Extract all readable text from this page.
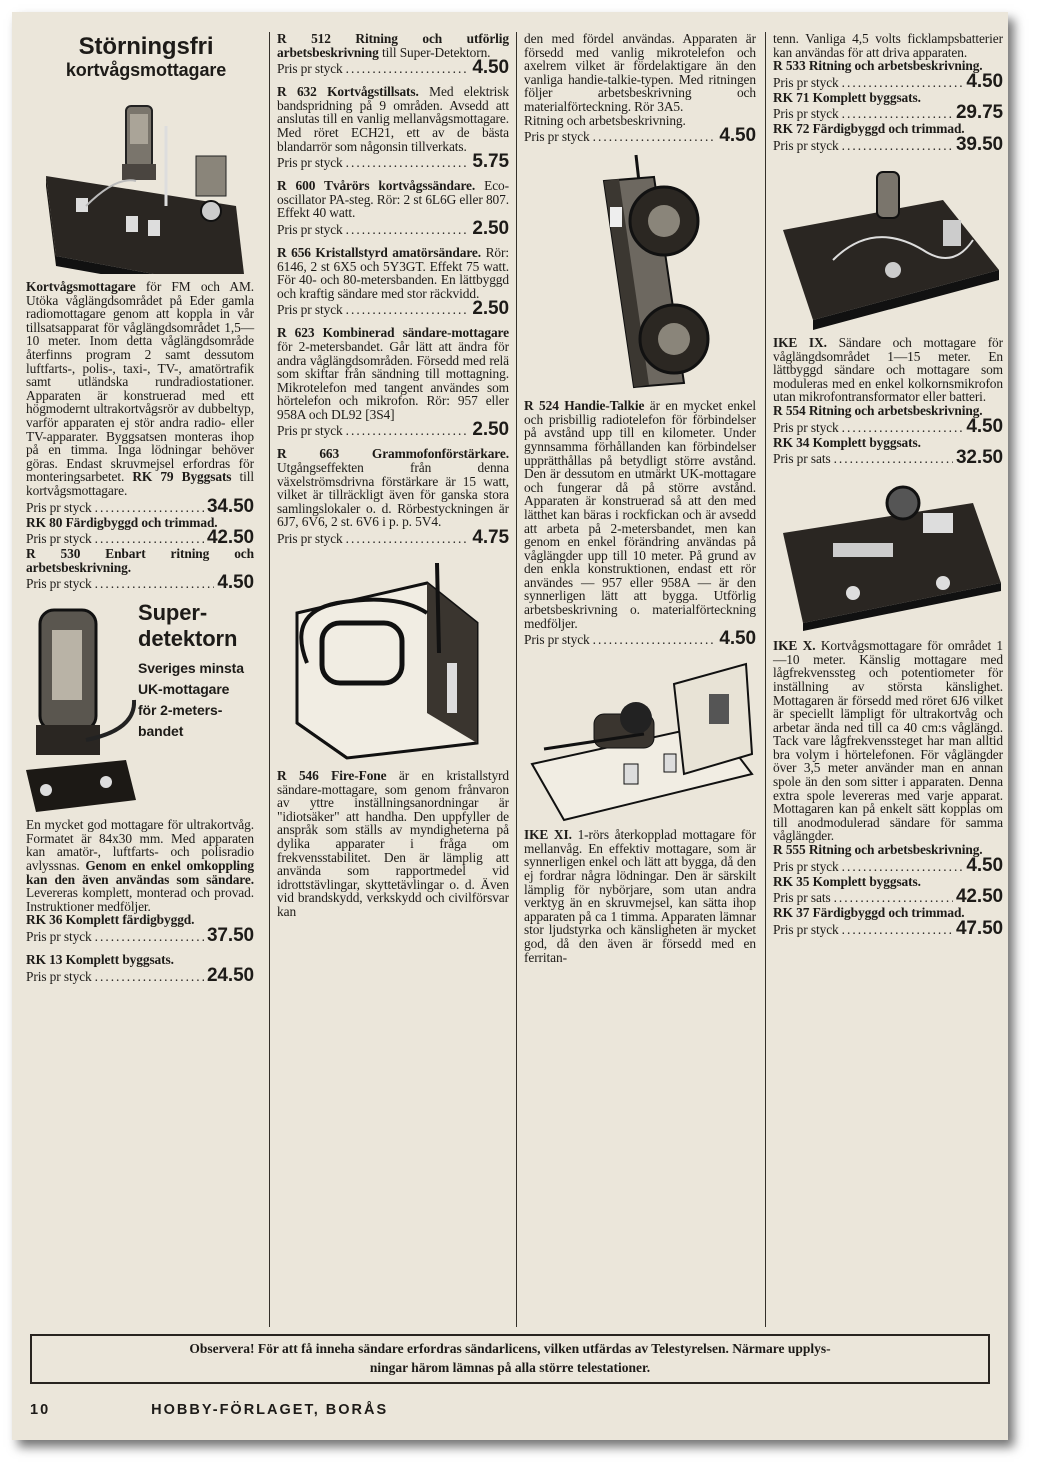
Störningsfri
kortvågsmottagare

Kortvågsmottagare för FM och AM. Utöka våglängdsområdet på Eder gamla radiomottagare genom att koppla in vår tillsatsapparat för våglängdsområdet 1,5—10 meter. Inom detta våglängdsområde återfinns program 2 samt dessutom luftfarts-, polis-, taxi-, TV-, amatörtrafik samt utländska rundradiostationer. Apparaten är konstruerad med ett högmodernt ultrakortvågsrör av dubbeltyp, varför apparaten ej stör andra radio- eller TV-apparater. Byggsatsen monteras ihop på en timma. Inga lödningar behöver göras. Endast skruvmejsel erfordras för monteringsarbetet. RK 79 Byggsats till kortvågsmottagare.

Pris pr styck .....	34.50

RK 80 Färdigbyggd och trimmad.

Pris pr styck .....	42.50

R 530 Enbart ritning och arbetsbeskrivning.

Pris pr styck .....	4.50
Super-
detektorn
Sveriges minsta
UK-mottagare
för 2-meters-
bandet

En mycket god mottagare för ultrakortvåg. Formatet är 84x30 mm. Med apparaten kan amatör-, luftfarts- och polisradio avlyssnas. Genom en enkel omkoppling kan den även användas som sändare. Levereras komplett, monterad och provad. Instruktioner medföljer.

RK 36 Komplett färdigbyggd.

Pris pr styck .....	37.50

RK 13 Komplett byggsats.

Pris pr styck .....	24.50

R 512 Ritning och utförlig arbetsbeskrivning till Super-Detektorn.

Pris pr styck .....	4.50

R 632 Kortvågstillsats. Med elektrisk bandspridning på 9 områden. Avsedd att anslutas till en vanlig mellanvågsmottagare. Med röret ECH21, ett av de bästa blandarrör som någonsin tillverkats.

Pris pr styck .....	5.75

R 600 Tvårörs kortvågssändare. Eco-oscillator PA-steg. Rör: 2 st 6L6G eller 807. Effekt 40 watt.

Pris pr styck .....	2.50

R 656 Kristallstyrd amatörsändare. Rör: 6146, 2 st 6X5 och 5Y3GT. Effekt 75 watt. För 40- och 80-metersbanden. En lättbyggd och kraftig sändare med stor räckvidd.

Pris pr styck .....	2.50

R 623 Kombinerad sändare-mottagare för 2-metersbandet. Går lätt att ändra för andra våglängdsområden. Försedd med relä som skiftar från sändning till mottagning. Mikrotelefon med tangent användes som hörtelefon och mikrofon. Rör: 957 eller 958A och DL92 [3S4]

Pris pr styck .....	2.50

R 663 Grammofonförstärkare. Utgångseffekten från denna växelströmsdrivna förstärkare är 15 watt, vilket är tillräckligt även för ganska stora samlingslokaler o. d. Rörbestyckningen är 6J7, 6V6, 2 st. 6V6 i p. p. 5V4.

Pris pr styck .....	4.75

R 546 Fire-Fone är en kristallstyrd sändare-mottagare, som genom frånvaron av yttre inställningsanordningar är "idiotsäker" att handha. Den uppfyller de anspråk som ställs av myndigheterna på dylika apparater i fråga om frekvensstabilitet. Den är lämplig att använda som rapportmedel vid idrottstävlingar, skyttetävlingar o. d. Även vid brandskydd, verkskydd och civilförsvar kan

den med fördel användas. Apparaten är försedd med vanlig mikrotelefon och axelrem vilket är fördelaktigare än den vanliga handie-talkie-typen. Med ritningen följer arbetsbeskrivning och materialförteckning. Rör 3A5.

Ritning och arbetsbeskrivning.

Pris pr styck .....	4.50

R 524 Handie-Talkie är en mycket enkel och prisbillig radiotelefon för förbindelser på avstånd upp till en kilometer. Under gynnsamma förhållanden kan förbindelser upprätthållas på betydligt större avstånd. Den är dessutom en utmärkt UK-mottagare och fungerar då på större avstånd. Apparaten är konstruerad så att den med lätthet kan bäras i rockfickan och är avsedd att arbeta på 2-metersbandet, men kan genom en enkel förändring användas på våglängder upp till 10 meter. På grund av den enkla konstruktionen, endast ett rör användes — 957 eller 958A — är den synnerligen lätt att bygga. Utförlig arbetsbeskrivning o. materialförteckning medföljer.

Pris pr styck .....	4.50

IKE XI. 1-rörs återkopplad mottagare för mellanvåg. En effektiv mottagare, som är synnerligen enkel och lätt att bygga, då den ej fordrar några lödningar. Den är särskilt lämplig för nybörjare, som utan andra verktyg än en skruvmejsel, kan sätta ihop apparaten på ca 1 timma. Apparaten lämnar stor ljudstyrka och känsligheten är mycket god, då den även är försedd med en ferritan-

tenn. Vanliga 4,5 volts ficklampsbatterier kan användas för att driva apparaten.

R 533 Ritning och arbetsbeskrivning.

Pris pr styck .....	4.50

RK 71 Komplett byggsats.

Pris pr styck .....	29.75

RK 72 Färdigbyggd och trimmad.

Pris pr styck .....	39.50

IKE IX. Sändare och mottagare för våglängdsområdet 1—15 meter. En lättbyggd sändare och mottagare som moduleras med en enkel kolkornsmikrofon utan mikrofontransformator eller batteri.

R 554 Ritning och arbetsbeskrivning.

Pris pr styck .....	4.50

RK 34 Komplett byggsats.

Pris pr sats .....	32.50

IKE X. Kortvågsmottagare för området 1—10 meter. Känslig mottagare med lågfrekvenssteg och potentiometer för inställning av största känslighet. Mottagaren är försedd med röret 6J6 vilket är speciellt lämpligt för ultrakortvåg och arbetar ända ned till ca 40 cm:s våglängd. Tack vare lågfrekvenssteget har man alltid bra volym i hörtelefonen. För våglängder över 3,5 meter använder man en annan spole än den som sitter i apparaten. Denna extra spole levereras med varje apparat. Mottagaren kan på enkelt sätt kopplas om till anodmodulerad sändare för samma våglängder.

R 555 Ritning och arbetsbeskrivning.

Pris pr styck .....	4.50

RK 35 Komplett byggsats.

Pris pr sats .....	42.50

RK 37 Färdigbyggd och trimmad.

Pris pr styck .....	47.50
Observera! För att få inneha sändare erfordras sändarlicens, vilken utfärdas av Telestyrelsen. Närmare upplys-
ningar härom lämnas på alla större telestationer.
10	HOBBY-FÖRLAGET, BORÅS
